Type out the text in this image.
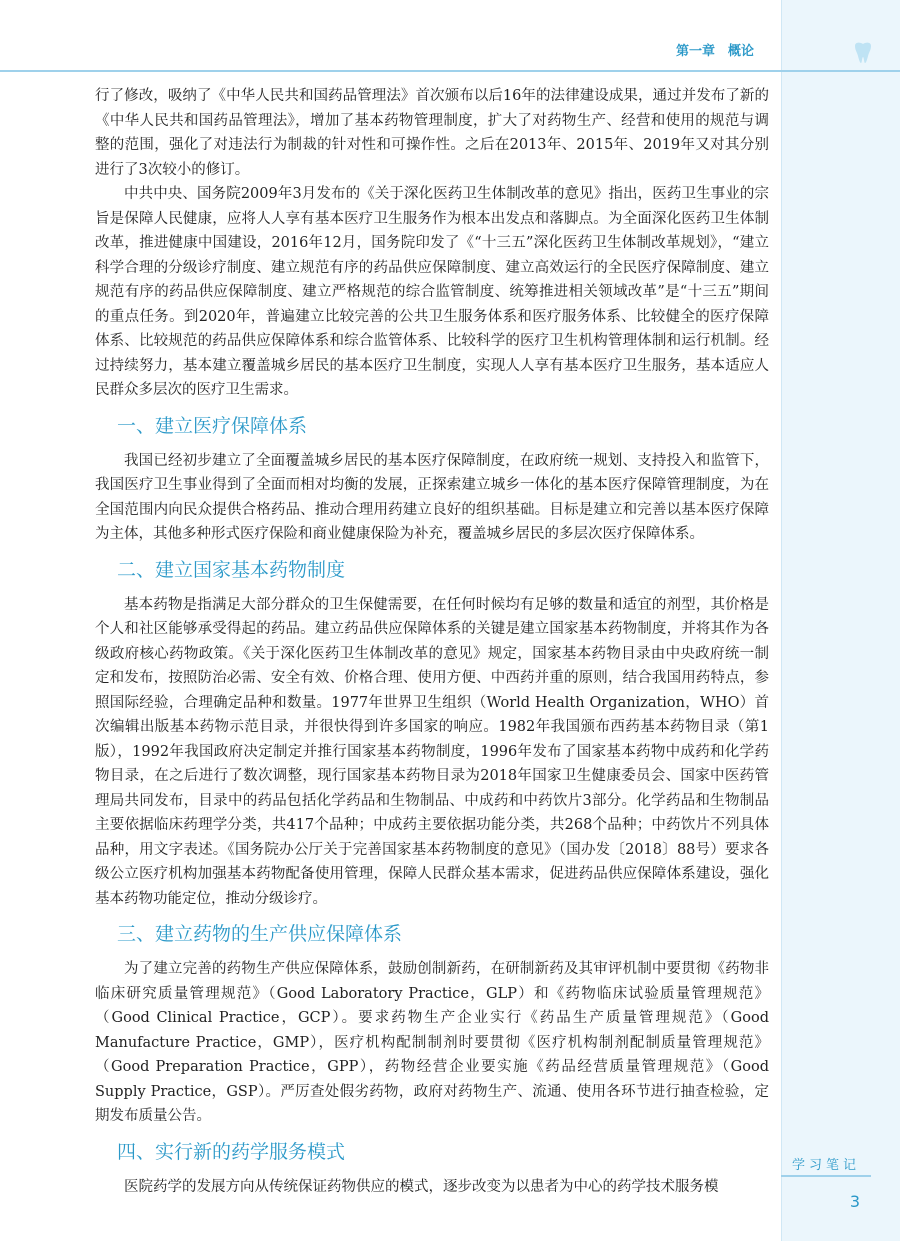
第一章　概论

行了修改，吸纳了《中华人民共和国药品管理法》首次颁布以后16年的法律建设成果，通过并发布了新的《中华人民共和国药品管理法》，增加了基本药物管理制度，扩大了对药物生产、经营和使用的规范与调整的范围，强化了对违法行为制裁的针对性和可操作性。之后在2013年、2015年、2019年又对其分别进行了3次较小的修订。

中共中央、国务院2009年3月发布的《关于深化医药卫生体制改革的意见》指出，医药卫生事业的宗旨是保障人民健康，应将人人享有基本医疗卫生服务作为根本出发点和落脚点。为全面深化医药卫生体制改革，推进健康中国建设，2016年12月，国务院印发了《“十三五”深化医药卫生体制改革规划》，“建立科学合理的分级诊疗制度、建立规范有序的药品供应保障制度、建立高效运行的全民医疗保障制度、建立规范有序的药品供应保障制度、建立严格规范的综合监管制度、统筹推进相关领域改革”是“十三五”期间的重点任务。到2020年，普遍建立比较完善的公共卫生服务体系和医疗服务体系、比较健全的医疗保障体系、比较规范的药品供应保障体系和综合监管体系、比较科学的医疗卫生机构管理体制和运行机制。经过持续努力，基本建立覆盖城乡居民的基本医疗卫生制度，实现人人享有基本医疗卫生服务，基本适应人民群众多层次的医疗卫生需求。

一、建立医疗保障体系

我国已经初步建立了全面覆盖城乡居民的基本医疗保障制度，在政府统一规划、支持投入和监管下，我国医疗卫生事业得到了全面而相对均衡的发展，正探索建立城乡一体化的基本医疗保障管理制度，为在全国范围内向民众提供合格药品、推动合理用药建立良好的组织基础。目标是建立和完善以基本医疗保障为主体，其他多种形式医疗保险和商业健康保险为补充，覆盖城乡居民的多层次医疗保障体系。

二、建立国家基本药物制度

基本药物是指满足大部分群众的卫生保健需要，在任何时候均有足够的数量和适宜的剂型，其价格是个人和社区能够承受得起的药品。建立药品供应保障体系的关键是建立国家基本药物制度，并将其作为各级政府核心药物政策。《关于深化医药卫生体制改革的意见》规定，国家基本药物目录由中央政府统一制定和发布，按照防治必需、安全有效、价格合理、使用方便、中西药并重的原则，结合我国用药特点，参照国际经验，合理确定品种和数量。1977年世界卫生组织（World Health Organization，WHO）首次编辑出版基本药物示范目录，并很快得到许多国家的响应。1982年我国颁布西药基本药物目录（第1版），1992年我国政府决定制定并推行国家基本药物制度，1996年发布了国家基本药物中成药和化学药物目录，在之后进行了数次调整，现行国家基本药物目录为2018年国家卫生健康委员会、国家中医药管理局共同发布，目录中的药品包括化学药品和生物制品、中成药和中药饮片3部分。化学药品和生物制品主要依据临床药理学分类，共417个品种；中成药主要依据功能分类，共268个品种；中药饮片不列具体品种，用文字表述。《国务院办公厅关于完善国家基本药物制度的意见》（国办发〔2018〕88号）要求各级公立医疗机构加强基本药物配备使用管理，保障人民群众基本需求，促进药品供应保障体系建设，强化基本药物功能定位，推动分级诊疗。

三、建立药物的生产供应保障体系

为了建立完善的药物生产供应保障体系，鼓励创制新药，在研制新药及其审评机制中要贯彻《药物非临床研究质量管理规范》（Good Laboratory Practice，GLP）和《药物临床试验质量管理规范》（Good Clinical Practice，GCP）。要求药物生产企业实行《药品生产质量管理规范》（Good Manufacture Practice，GMP），医疗机构配制制剂时要贯彻《医疗机构制剂配制质量管理规范》（Good Preparation Practice，GPP），药物经营企业要实施《药品经营质量管理规范》（Good Supply Practice，GSP）。严厉查处假劣药物，政府对药物生产、流通、使用各环节进行抽查检验，定期发布质量公告。

四、实行新的药学服务模式

医院药学的发展方向从传统保证药物供应的模式，逐步改变为以患者为中心的药学技术服务模

学习笔记
3
